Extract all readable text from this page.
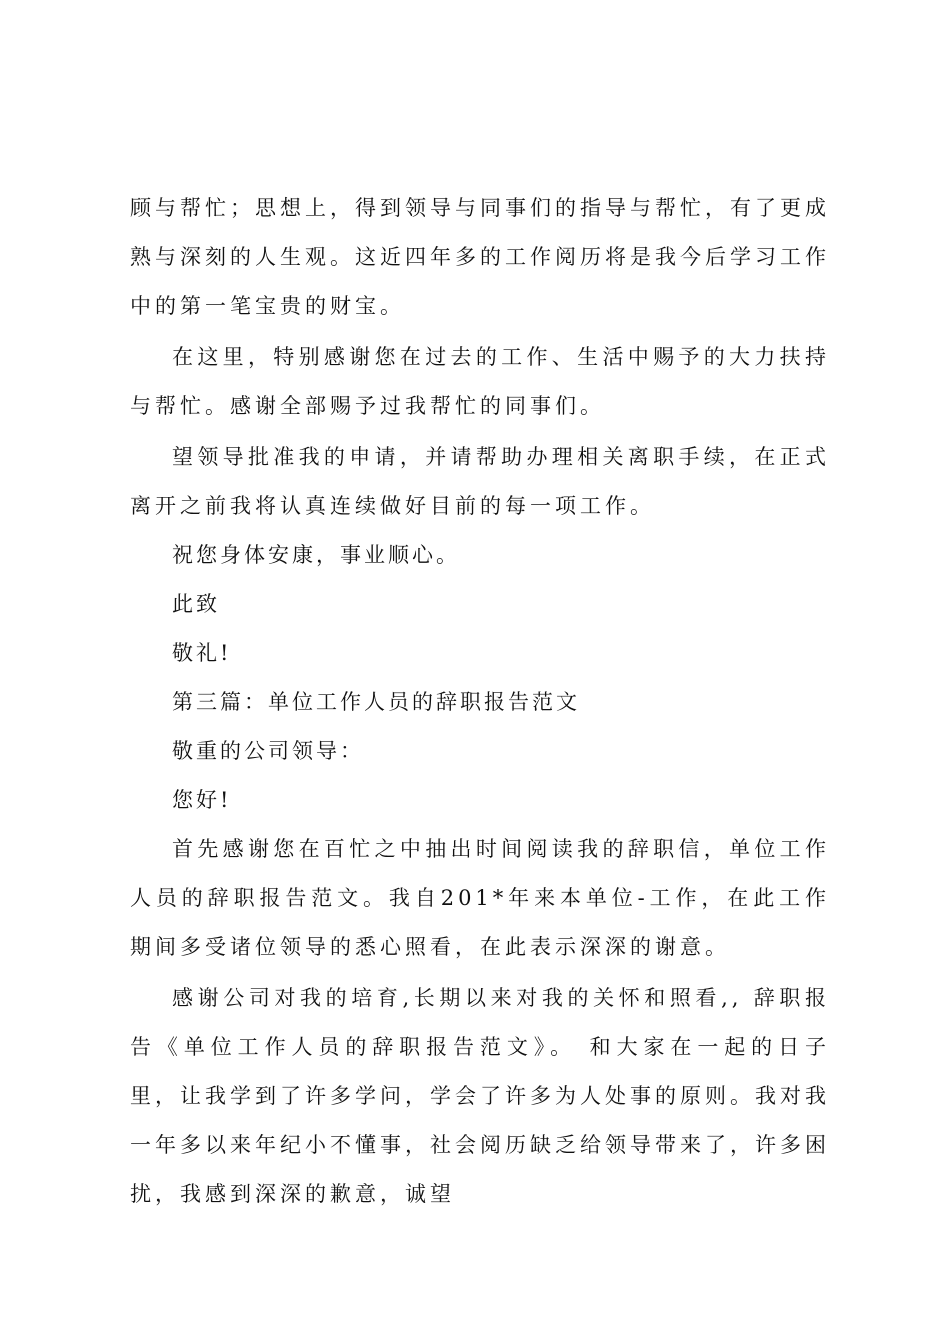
顾与帮忙；思想上，得到领导与同事们的指导与帮忙，有了更成熟与深刻的人生观。这近四年多的工作阅历将是我今后学习工作中的第一笔宝贵的财宝。

在这里，特别感谢您在过去的工作、生活中赐予的大力扶持与帮忙。感谢全部赐予过我帮忙的同事们。

望领导批准我的申请，并请帮助办理相关离职手续，在正式离开之前我将认真连续做好目前的每一项工作。

祝您身体安康，事业顺心。

此致

敬礼!

第三篇：单位工作人员的辞职报告范文

敬重的公司领导：

您好!

首先感谢您在百忙之中抽出时间阅读我的辞职信，单位工作人员的辞职报告范文。我自201*年来本单位-工作，在此工作期间多受诸位领导的悉心照看，在此表示深深的谢意。

感谢公司对我的培育,长期以来对我的关怀和照看,, 辞职报告《单位工作人员的辞职报告范文》。 和大家在一起的日子里，让我学到了许多学问，学会了许多为人处事的原则。我对我一年多以来年纪小不懂事，社会阅历缺乏给领导带来了，许多困扰，我感到深深的歉意，诚望
